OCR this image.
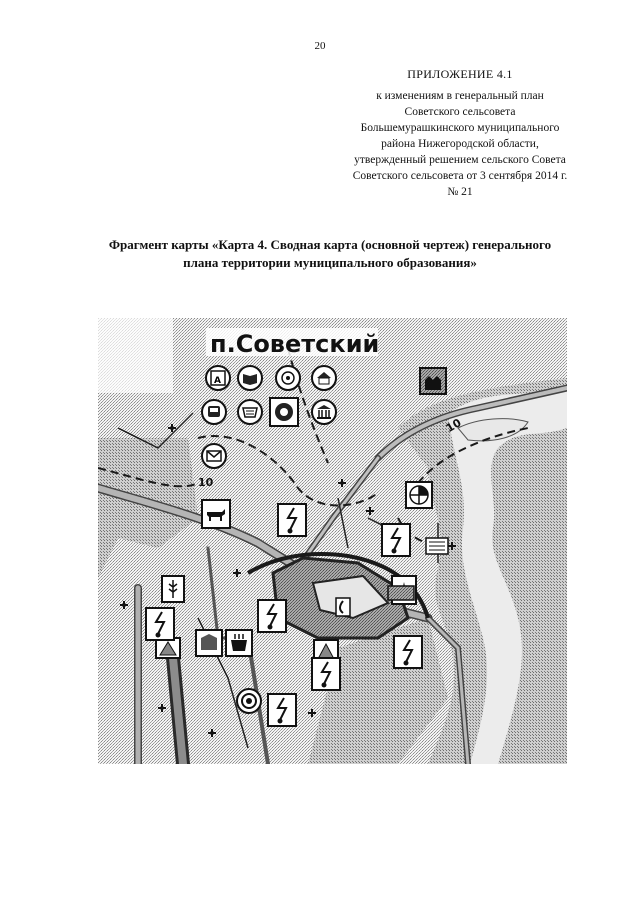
20
ПРИЛОЖЕНИЕ 4.1
к изменениям в генеральный план
Советского сельсовета
Большемурашкинского муниципального
района Нижегородской области,
утвержденный решением сельского Совета
Советского сельсовета от 3 сентября 2014 г.
№ 21
Фрагмент карты «Карта 4. Сводная карта (основной чертеж) генерального
плана территории муниципального образования»
10
10
п.Советский
A
